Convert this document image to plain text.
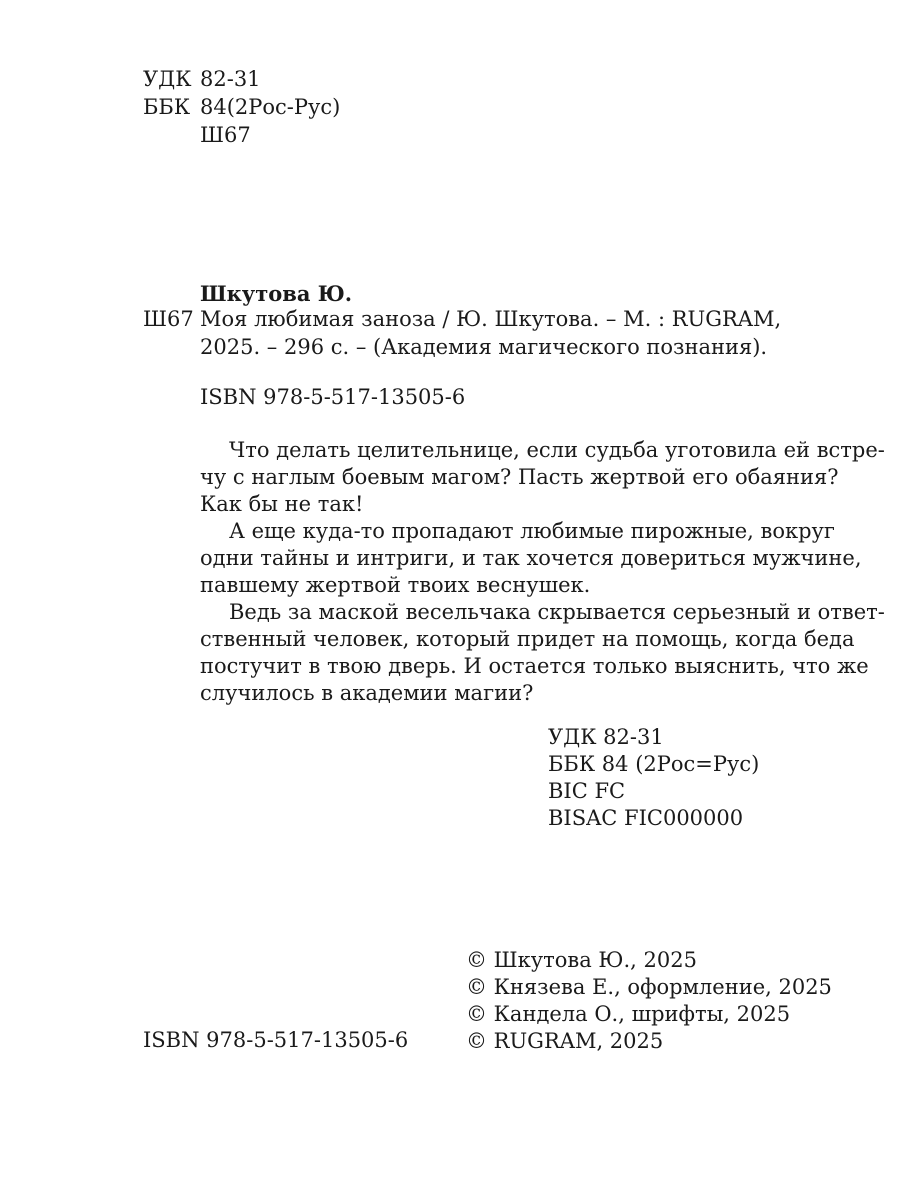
УДК 82-31
ББК 84(2Рос-Рус)
Ш67
Шкутова Ю.
Ш67 Моя любимая заноза / Ю. Шкутова. – М. : RUGRAM,
2025. – 296 с. – (Академия магического познания).
ISBN 978-5-517-13505-6
Что делать целительнице, если судьба уготовила ей встре-
чу с наглым боевым магом? Пасть жертвой его обаяния?
Как бы не так!
А еще куда-то пропадают любимые пирожные, вокруг
одни тайны и интриги, и так хочется довериться мужчине,
павшему жертвой твоих веснушек.
Ведь за маской весельчака скрывается серьезный и ответ-
ственный человек, который придет на помощь, когда беда
постучит в твою дверь. И остается только выяснить, что же
случилось в академии магии?
УДК 82-31
ББК 84 (2Рос=Рус)
BIC FC
BISAC FIC000000
© Шкутова Ю., 2025
© Князева Е., оформление, 2025
© Кандела О., шрифты, 2025
© RUGRAM, 2025
ISBN 978-5-517-13505-6
